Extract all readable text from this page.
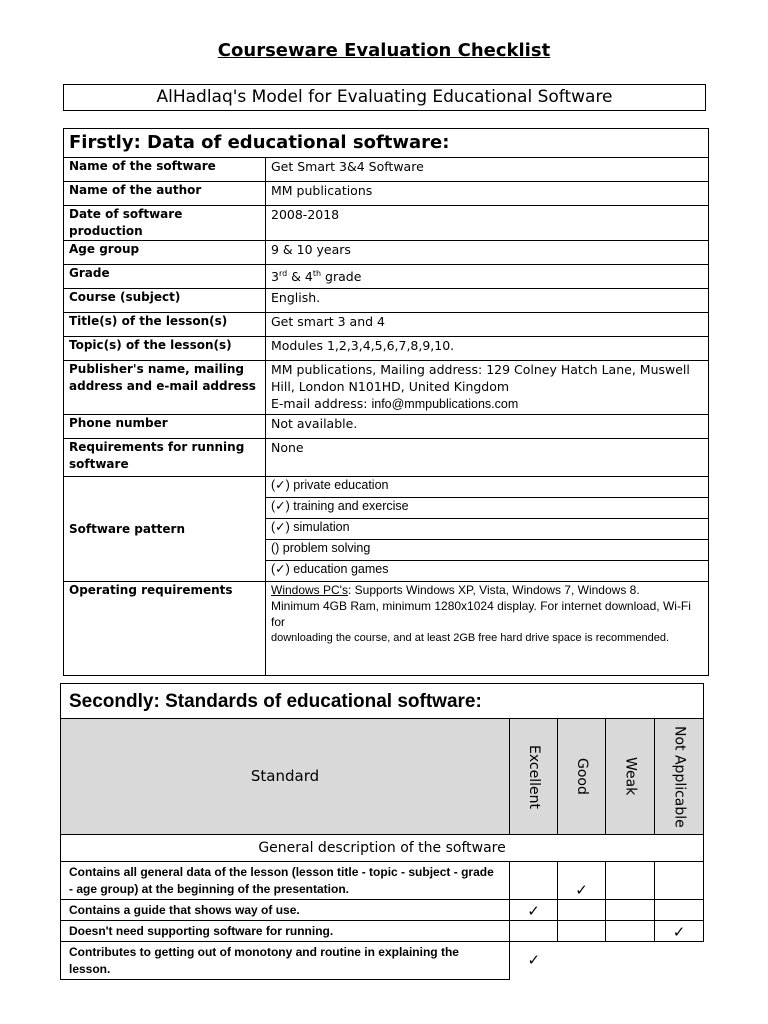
Courseware Evaluation Checklist
AlHadlaq's Model for Evaluating Educational Software
Firstly: Data of educational software:	
Name of the software	Get Smart 3&4 Software
Name of the author	MM publications
Date of software production	2008-2018
Age group	9 & 10 years
Grade	3rd & 4th grade
Course (subject)	English.
Title(s) of the lesson(s)	Get smart 3 and 4
Topic(s) of the lesson(s)	Modules 1,2,3,4,5,6,7,8,9,10.
Publisher's name, mailing address and e-mail address	MM publications, Mailing address: 129 Colney Hatch Lane, Muswell Hill, London N101HD, United Kingdom
E-mail address: info@mmpublications.com

Phone number	Not available.
Requirements for running software	None
Software pattern	(✓) private education
	(✓) training and exercise
	(✓) simulation
	() problem solving
	(✓) education games
Operating requirements	Windows PC's: Supports Windows XP, Vista, Windows 7, Windows 8.
Minimum 4GB Ram, minimum 1280x1024 display. For internet download, Wi-Fi for
downloading the course, and at least 2GB free hard drive space is recommended.
Secondly: Standards of educational software:				
Standard	Excellent	Good	Weak	Not Applicable

General description of the software				
Contains all general data of the lesson (lesson title - topic - subject - grade - age group) at the beginning of the presentation.		✓		
Contains a guide that shows way of use.	✓			
Doesn't need supporting software for running.				✓
Contributes to getting out of monotony and routine in explaining the lesson.	✓			
